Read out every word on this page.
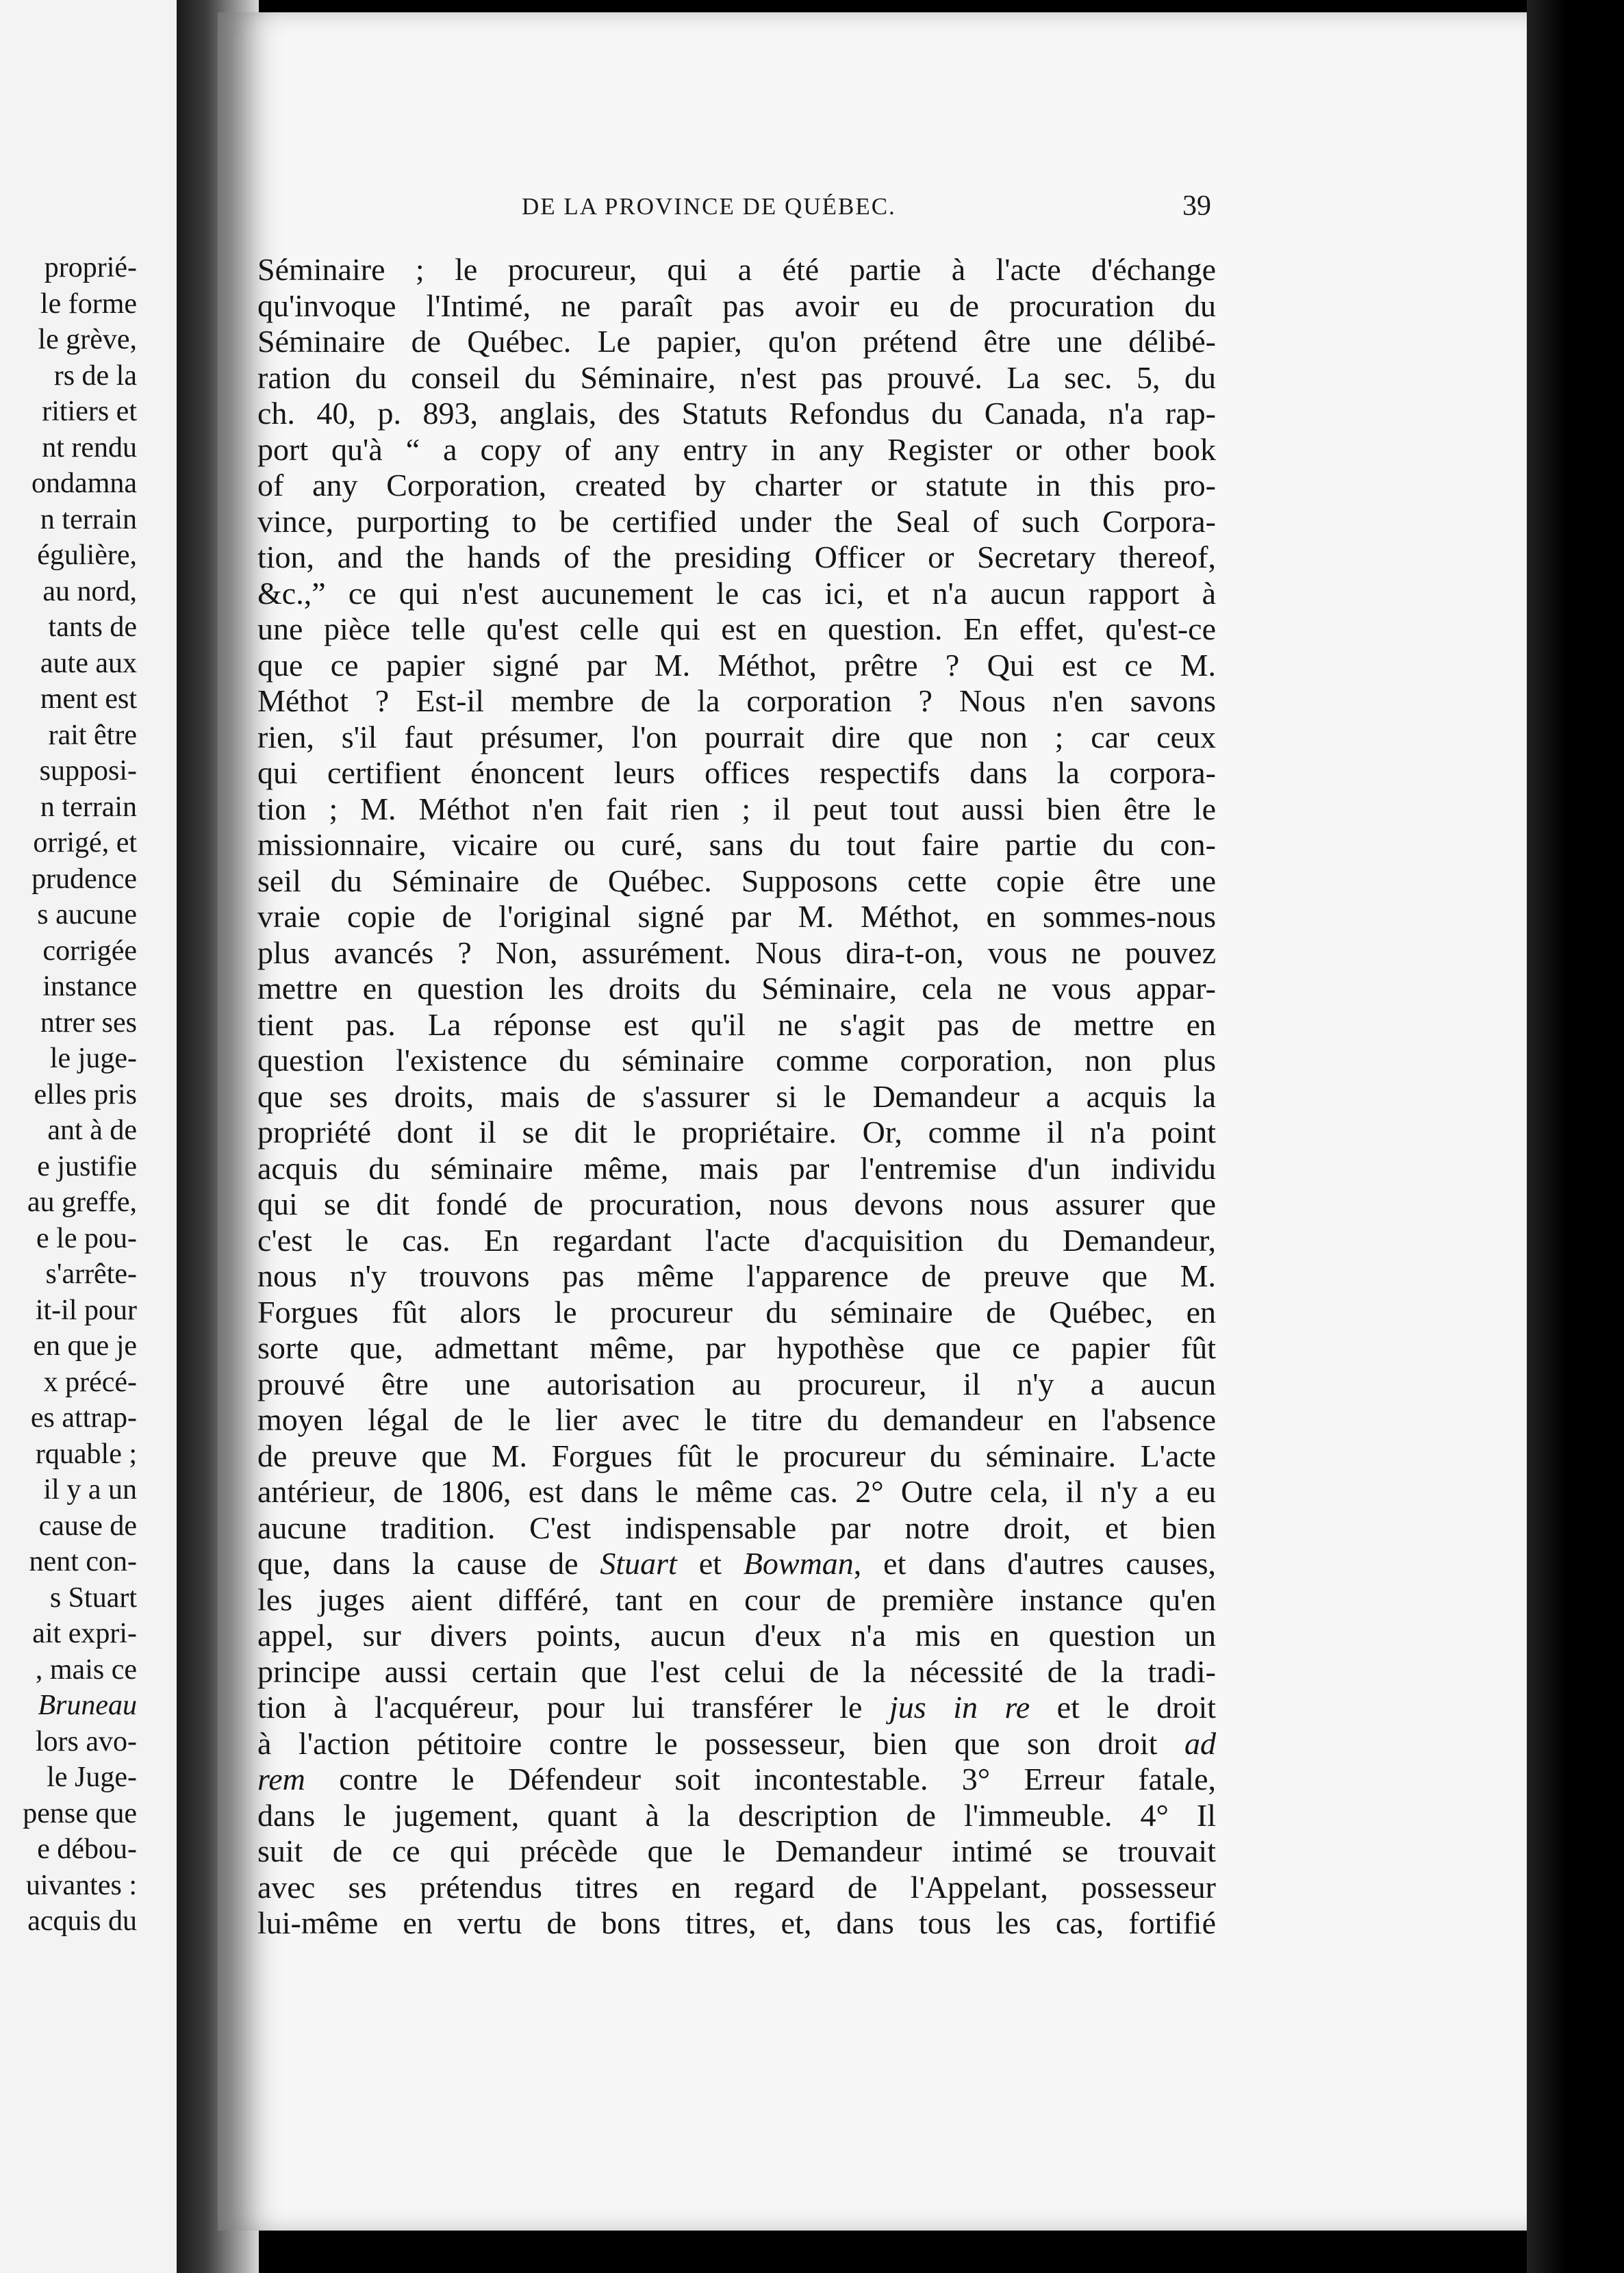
proprié-
le forme
le grève,
rs de la
ritiers et
nt rendu
ondamna
n terrain
égulière,
au nord,
tants de
aute aux
ment est
rait être
supposi-
n terrain
orrigé, et
prudence
s aucune
corrigée
instance
ntrer ses
le juge-
elles pris
ant à de
e justifie
au greffe,
e le pou-
s'arrête-
it-il pour
en que je
x précé-
es attrap-
rquable ;
il y a un
cause de
nent con-
s Stuart
ait expri-
, mais ce
Bruneau
lors avo-
le Juge-
pense que
e débou-
uivantes :
acquis du
DE LA PROVINCE DE QUÉBEC.	39
Séminaire ; le procureur, qui a été partie à l'acte d'échange
qu'invoque l'Intimé, ne paraît pas avoir eu de procuration du
Séminaire de Québec. Le papier, qu'on prétend être une délibé-
ration du conseil du Séminaire, n'est pas prouvé. La sec. 5, du
ch. 40, p. 893, anglais, des Statuts Refondus du Canada, n'a rap-
port qu'à “ a copy of any entry in any Register or other book
of any Corporation, created by charter or statute in this pro-
vince, purporting to be certified under the Seal of such Corpora-
tion, and the hands of the presiding Officer or Secretary thereof,
&c.,” ce qui n'est aucunement le cas ici, et n'a aucun rapport à
une pièce telle qu'est celle qui est en question. En effet, qu'est-ce
que ce papier signé par M. Méthot, prêtre ? Qui est ce M.
Méthot ? Est-il membre de la corporation ? Nous n'en savons
rien, s'il faut présumer, l'on pourrait dire que non ; car ceux
qui certifient énoncent leurs offices respectifs dans la corpora-
tion ; M. Méthot n'en fait rien ; il peut tout aussi bien être le
missionnaire, vicaire ou curé, sans du tout faire partie du con-
seil du Séminaire de Québec. Supposons cette copie être une
vraie copie de l'original signé par M. Méthot, en sommes-nous
plus avancés ? Non, assurément. Nous dira-t-on, vous ne pouvez
mettre en question les droits du Séminaire, cela ne vous appar-
tient pas. La réponse est qu'il ne s'agit pas de mettre en
question l'existence du séminaire comme corporation, non plus
que ses droits, mais de s'assurer si le Demandeur a acquis la
propriété dont il se dit le propriétaire. Or, comme il n'a point
acquis du séminaire même, mais par l'entremise d'un individu
qui se dit fondé de procuration, nous devons nous assurer que
c'est le cas. En regardant l'acte d'acquisition du Demandeur,
nous n'y trouvons pas même l'apparence de preuve que M.
Forgues fût alors le procureur du séminaire de Québec, en
sorte que, admettant même, par hypothèse que ce papier fût
prouvé être une autorisation au procureur, il n'y a aucun
moyen légal de le lier avec le titre du demandeur en l'absence
de preuve que M. Forgues fût le procureur du séminaire. L'acte
antérieur, de 1806, est dans le même cas. 2° Outre cela, il n'y a eu
aucune tradition. C'est indispensable par notre droit, et bien
que, dans la cause de Stuart et Bowman, et dans d'autres causes,
les juges aient différé, tant en cour de première instance qu'en
appel, sur divers points, aucun d'eux n'a mis en question un
principe aussi certain que l'est celui de la nécessité de la tradi-
tion à l'acquéreur, pour lui transférer le jus in re et le droit
à l'action pétitoire contre le possesseur, bien que son droit ad
rem contre le Défendeur soit incontestable. 3° Erreur fatale,
dans le jugement, quant à la description de l'immeuble. 4° Il
suit de ce qui précède que le Demandeur intimé se trouvait
avec ses prétendus titres en regard de l'Appelant, possesseur
lui-même en vertu de bons titres, et, dans tous les cas, fortifié
